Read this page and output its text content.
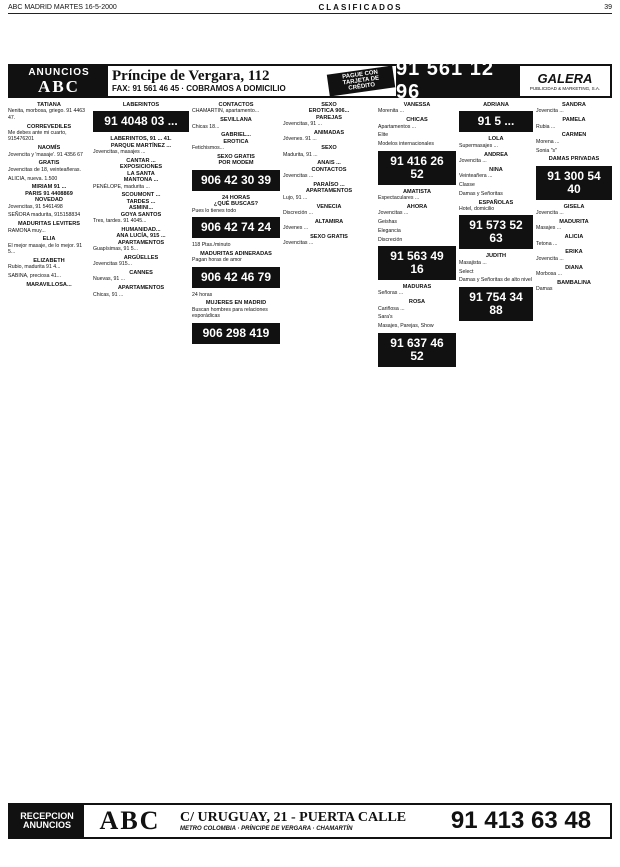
ABC MADRID MARTES 16-5-2000	CLASIFICADOS	39
ANUNCIOS
ABC
Príncipe de Vergara, 112
FAX: 91 561 46 45 · COBRAMOS A DOMICILIO
PAGUE CON TARJETA DE CRÉDITO
91 561 12 96
GALERA
PUBLICIDAD & MARKETING, S.A.
TATIANA

Nenita, morbosa, griego. 91 4463 47.

CORREVEDILES

Me debes ante mi cuarto, 915476201

NAOMÍS

Jovencita y 'masaje'. 91 4356 67

GRATIS

Jovencitas de 18, veinteañeras.

ALICIA, nueva. 1.500

MIRIAM 91 ...
PARIS 91 4408869
NOVEDAD

Jovencitas, 91 5461498

SEÑORA madurita, 915158834

MADURITAS LEVITERS

RAMONA muy...

ELIA

El mejor masaje, de lo mejor. 91 5...

ELIZABETH

Rubio, madurita 91 4...

SABINA, preciosa 41...

MARAVILLOSA...
LABERINTOS
91 4048 03 ...
LABERINTOS, 91 ... 41.
PARQUE MARTÍNEZ ...

Jovencitas, masajes ...

CANTAR ...
EXPOSICIONES
LA SANTA
MANTONA ...

PENÉLOPE, madurita ...

SCOUMONT ...
TARDES ...
ASMINI...
GOYA SANTOS

Tres, tardes. 91 4045...

HUMANIDAD...
ANA LUCÍA, 915 ...
APARTAMENTOS

Guapísimas, 91 5...

ARGÜELLES

Jovencitas 915...

CANNES

Nuevas, 91 ...

APARTAMENTOS

Chicas, 91 ...

CONTACTOS

CHAMARTIN, apartamento...

SEVILLANA

Chicas 18...

GABRIEL...
EROTICA

Fetichismos...

SEXO GRATIS
POR MODEM
906 42 30 39
24 HORAS
¿QUÉ BUSCAS?

Pues lo tienes todo

906 42 74 24

118 Ptas./minuto

MADURITAS ADINERADAS

Pagan horas de amor

906 42 46 79

24 horas

MUJERES EN MADRID

Buscan hombres para relaciones esporádicas

906 298 419
SEXO
EROTICA 906...
PAREJAS

Jovencitas, 91 ...

ANIMADAS

Jóvenes. 91 ...

SEXO

Madurita, 91 ...

ANAIS ...
CONTACTOS

Jovencitas ...

PARAÍSO ...
APARTAMENTOS

Lujo, 91 ...

VENECIA

Discreción ...

ALTAMIRA

Jóvenes ...

SEXO GRATIS

Jovencitas ...

VANESSA

Morenita ...

CHICAS

Apartamentos ...

Elite

Modelos internacionales

91 416 26 52
AMATISTA

Espectaculares ...

AHORA

Jovencitas ...

Geishas

Elegancia

Discreción

91 563 49 16
MADURAS

Señoras ...

ROSA

Cariñosa ...

Sara's

Masajes, Parejas, Show

91 637 46 52
ADRIANA
91 5 ...
LOLA

Supermasajes ...

ANDREA

Jovencita ...

NINA

Veinteañera ...

Classe

Damas y Señoritas

ESPAÑOLAS

Hotel, domicilio

91 573 52 63
JUDITH

Masajista ...

Select

Damas y Señoritas de alto nivel

91 754 34 88
SANDRA

Jovencita ...

PAMELA

Rubia ...

CARMEN

Morena ...

Sonia "s"

DAMAS PRIVADAS
91 300 54 40
GISELA

Jovencita ...

MADURITA

Masajes ...

ALICIA

Tetona ...

ERIKA

Jovencita ...

DIANA

Morbosa ...

BAMBALINA

Damas

RECEPCION ANUNCIOS	ABC	C/ URUGUAY, 21 - PUERTA CALLE
METRO COLOMBIA · PRÍNCIPE DE VERGARA · CHAMARTÍN	91 413 63 48
